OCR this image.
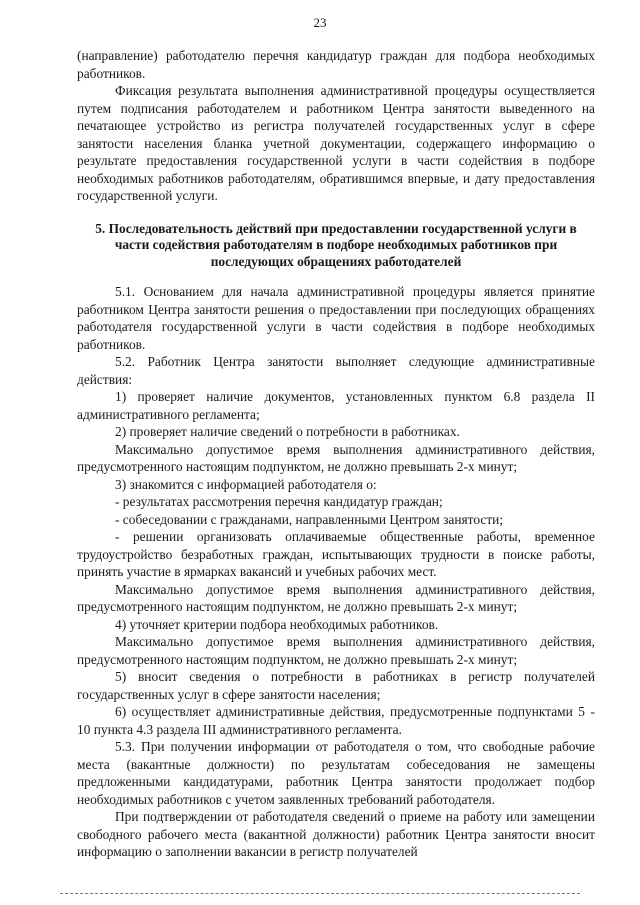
23

(направление) работодателю перечня кандидатур граждан для подбора необходимых работников.

Фиксация результата выполнения административной процедуры осуществляется путем подписания работодателем и работником Центра занятости выведенного на печатающее устройство из регистра получателей государственных услуг в сфере занятости населения бланка учетной документации, содержащего информацию о результате предоставления государственной услуги в части содействия в подборе необходимых работников работодателям, обратившимся впервые, и дату предоставления государственной услуги.

5. Последовательность действий при предоставлении государственной услуги в части содействия работодателям в подборе необходимых работников при последующих обращениях работодателей

5.1. Основанием для начала административной процедуры является принятие работником Центра занятости решения о предоставлении при последующих обращениях работодателя государственной услуги в части содействия в подборе необходимых работников.

5.2. Работник Центра занятости выполняет следующие административные действия:

1) проверяет наличие документов, установленных пунктом 6.8 раздела II административного регламента;

2) проверяет наличие сведений о потребности в работниках.

Максимально допустимое время выполнения административного действия, предусмотренного настоящим подпунктом, не должно превышать 2-х минут;

3) знакомится с информацией работодателя о:

- результатах рассмотрения перечня кандидатур граждан;

- собеседовании с гражданами, направленными Центром занятости;

- решении организовать оплачиваемые общественные работы, временное трудоустройство безработных граждан, испытывающих трудности в поиске работы, принять участие в ярмарках вакансий и учебных рабочих мест.

Максимально допустимое время выполнения административного действия, предусмотренного настоящим подпунктом, не должно превышать 2-х минут;

4) уточняет критерии подбора необходимых работников.

Максимально допустимое время выполнения административного действия, предусмотренного настоящим подпунктом, не должно превышать 2-х минут;

5) вносит сведения о потребности в работниках в регистр получателей государственных услуг в сфере занятости населения;

6) осуществляет административные действия, предусмотренные подпунктами 5 - 10 пункта 4.3 раздела III административного регламента.

5.3. При получении информации от работодателя о том, что свободные рабочие места (вакантные должности) по результатам собеседования не замещены предложенными кандидатурами, работник Центра занятости продолжает подбор необходимых работников с учетом заявленных требований работодателя.

При подтверждении от работодателя сведений о приеме на работу или замещении свободного рабочего места (вакантной должности) работник Центра занятости вносит информацию о заполнении вакансии в регистр получателей
